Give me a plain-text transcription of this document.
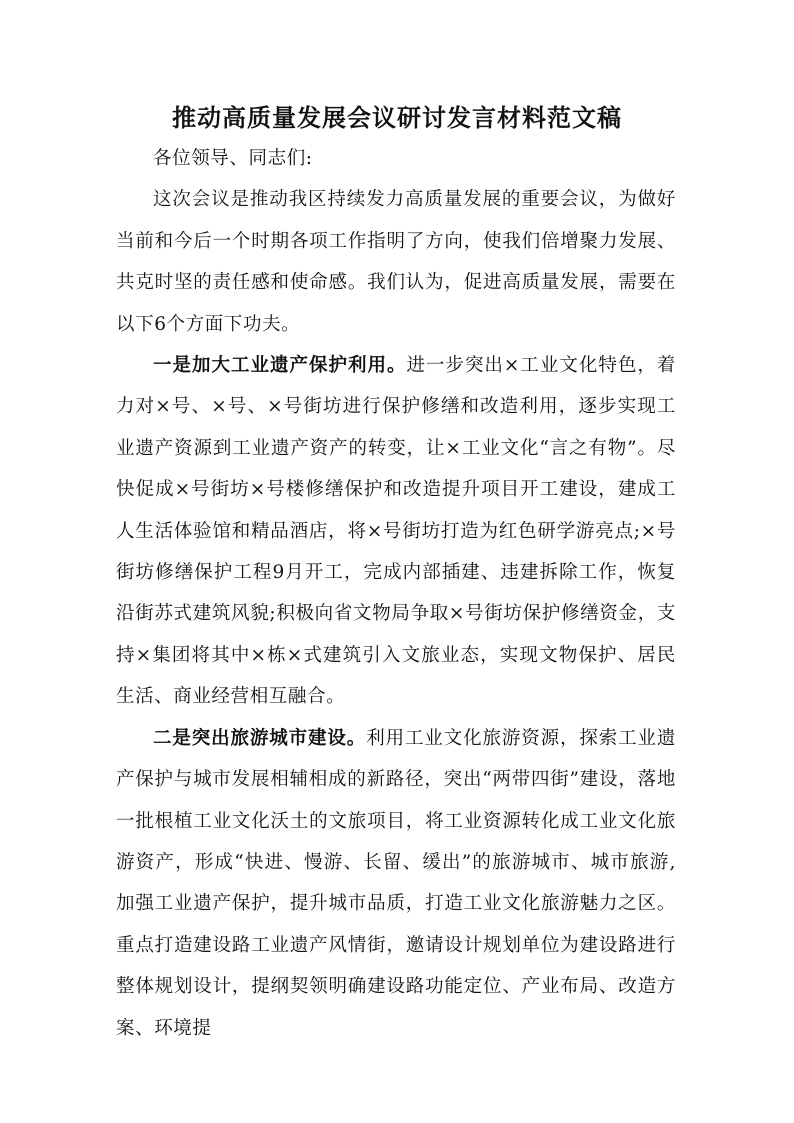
推动高质量发展会议研讨发言材料范文稿

各位领导、同志们:

这次会议是推动我区持续发力高质量发展的重要会议，为做好当前和今后一个时期各项工作指明了方向，使我们倍增聚力发展、共克时坚的责任感和使命感。我们认为，促进高质量发展，需要在以下6个方面下功夫。

一是加大工业遗产保护利用。进一步突出×工业文化特色，着力对×号、×号、×号街坊进行保护修缮和改造利用，逐步实现工业遗产资源到工业遗产资产的转变，让×工业文化“言之有物”。尽快促成×号街坊×号楼修缮保护和改造提升项目开工建设，建成工人生活体验馆和精品酒店，将×号街坊打造为红色研学游亮点;×号街坊修缮保护工程9月开工，完成内部插建、违建拆除工作，恢复沿街苏式建筑风貌;积极向省文物局争取×号街坊保护修缮资金，支持×集团将其中×栋×式建筑引入文旅业态，实现文物保护、居民生活、商业经营相互融合。

二是突出旅游城市建设。利用工业文化旅游资源，探索工业遗产保护与城市发展相辅相成的新路径，突出“两带四街”建设，落地一批根植工业文化沃土的文旅项目，将工业资源转化成工业文化旅游资产，形成“快进、慢游、长留、缓出”的旅游城市、城市旅游,加强工业遗产保护，提升城市品质，打造工业文化旅游魅力之区。重点打造建设路工业遗产风情街，邀请设计规划单位为建设路进行整体规划设计，提纲契领明确建设路功能定位、产业布局、改造方案、环境提
